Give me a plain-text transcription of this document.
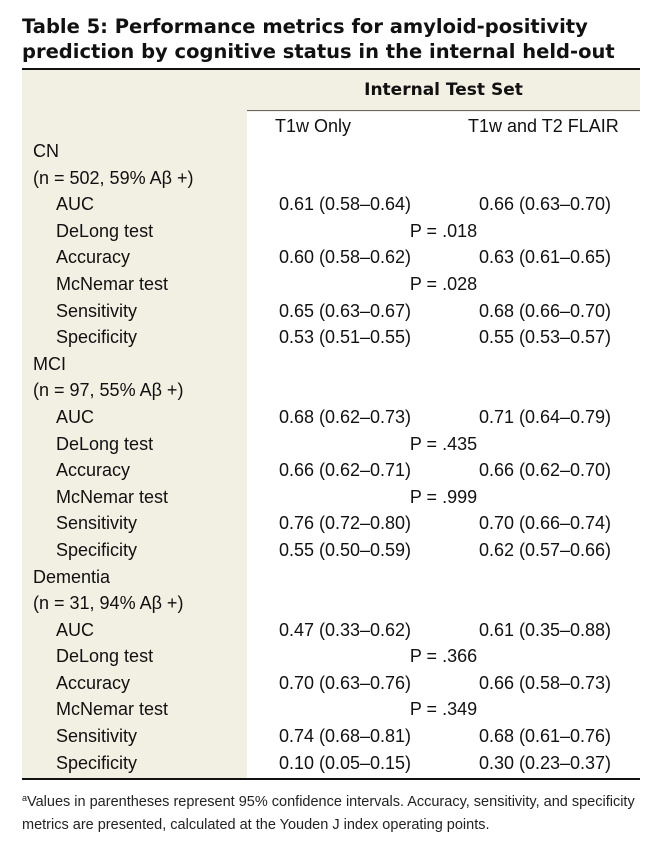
Table 5: Performance metrics for amyloid-positivity prediction by cognitive status in the internal held-out
Internal Test Set
T1w Only	T1w and T2 FLAIR
CN
(n = 502, 59% Aβ +)
AUC	0.61 (0.58–0.64)	0.66 (0.63–0.70)
DeLong test	P = .018
Accuracy	0.60 (0.58–0.62)	0.63 (0.61–0.65)
McNemar test	P = .028
Sensitivity	0.65 (0.63–0.67)	0.68 (0.66–0.70)
Specificity	0.53 (0.51–0.55)	0.55 (0.53–0.57)
MCI
(n = 97, 55% Aβ +)
AUC	0.68 (0.62–0.73)	0.71 (0.64–0.79)
DeLong test	P = .435
Accuracy	0.66 (0.62–0.71)	0.66 (0.62–0.70)
McNemar test	P = .999
Sensitivity	0.76 (0.72–0.80)	0.70 (0.66–0.74)
Specificity	0.55 (0.50–0.59)	0.62 (0.57–0.66)
Dementia
(n = 31, 94% Aβ +)
AUC	0.47 (0.33–0.62)	0.61 (0.35–0.88)
DeLong test	P = .366
Accuracy	0.70 (0.63–0.76)	0.66 (0.58–0.73)
McNemar test	P = .349
Sensitivity	0.74 (0.68–0.81)	0.68 (0.61–0.76)
Specificity	0.10 (0.05–0.15)	0.30 (0.23–0.37)
$^a$Values in parentheses represent 95% confidence intervals. Accuracy, sensitivity, and specificity metrics are presented, calculated at the Youden J index operating points.
